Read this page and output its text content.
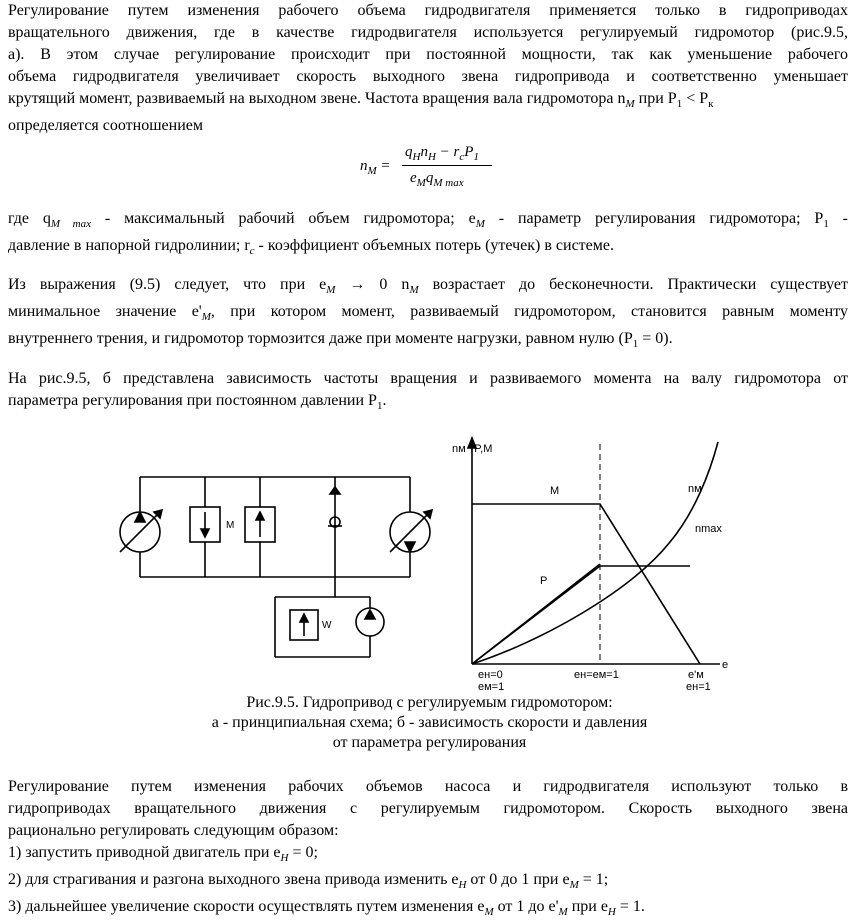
Регулирование путем изменения рабочего объема гидродвигателя применяется только в гидроприводах
вращательного движения, где в качестве гидродвигателя используется регулируемый гидромотор (рис.9.5,
а). В этом случае регулирование происходит при постоянной мощности, так как уменьшение рабочего
объема гидродвигателя увеличивает скорость выходного звена гидропривода и соответственно уменьшает
крутящий момент, развиваемый на выходном звене. Частота вращения вала гидромотора $n_M$ при $P_1 < P_к$
определяется соотношением
$n_M$ =
$q_Hn_H - r_cP_1$
$e_Mq_{M max}$
где $q_{M max}$ - максимальный рабочий объем гидромотора; $e_M$ - параметр регулирования гидромотора; $P_1$ -
давление в напорной гидролинии; $r_c$ - коэффициент объемных потерь (утечек) в системе.
Из выражения (9.5) следует, что при $e_M \to 0$ $n_M$ возрастает до бесконечности. Практически существует
минимальное значение $e'_M$, при котором момент, развиваемый гидромотором, становится равным моменту
внутреннего трения, и гидромотор тормозится даже при моменте нагрузки, равном нулю $(P_1 = 0)$.
На рис.9.5, б представлена зависимость частоты вращения и развиваемого момента на валу гидромотора от
параметра регулирования при постоянном давлении $P_1$.
M
W
nм ↑P,M
M
P
nм
nmax
e
eн=0
eм=1
eн=eм=1	e'м
eн=1
Рис.9.5. Гидропривод с регулируемым гидромотором:
а - принципиальная схема; б - зависимость скорости и давления
от параметра регулирования
Регулирование путем изменения рабочих объемов насоса и гидродвигателя используют только в
гидроприводах вращательного движения с регулируемым гидромотором. Скорость выходного звена
рационально регулировать следующим образом:
1) запустить приводной двигатель при $e_H = 0$;
2) для страгивания и разгона выходного звена привода изменить $e_H$ от 0 до 1 при $e_M = 1$;
3) дальнейшее увеличение скорости осуществлять путем изменения $e_M$ от 1 до $e'_M$ при $e_H = 1$.
